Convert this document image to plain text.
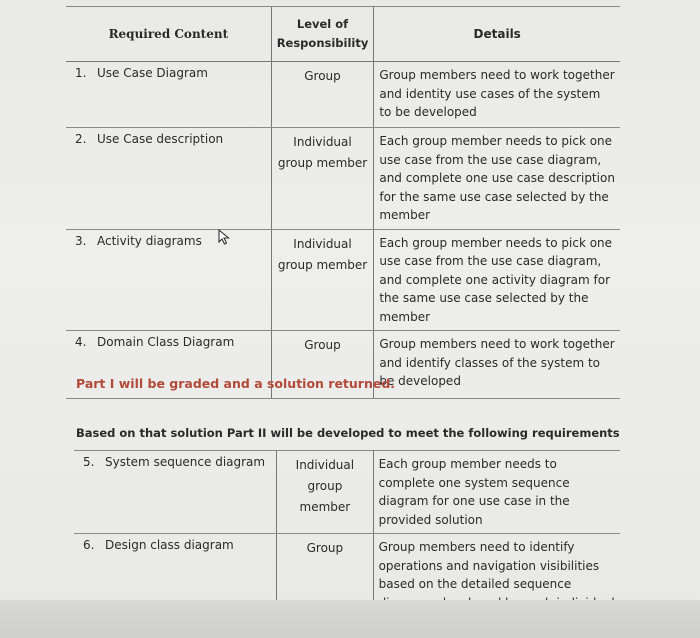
Required Content	Level of Responsibility	Details
1. Use Case Diagram	Group	Group members need to work together and identity use cases of the system to be developed
2. Use Case description	Individual group member	Each group member needs to pick one use case from the use case diagram, and complete one use case description for the same use case selected by the member
3. Activity diagrams	Individual group member	Each group member needs to pick one use case from the use case diagram, and complete one activity diagram for the same use case selected by the member
4. Domain Class Diagram	Group	Group members need to work together and identify classes of the system to be developed
Part I will be graded and a solution returned.
Based on that solution Part II will be developed to meet the following requirements
5. System sequence diagram	Individual group member	Each group member needs to complete one system sequence diagram for one use case in the provided solution
6. Design class diagram	Group	Group members need to identify operations and navigation visibilities based on the detailed sequence
